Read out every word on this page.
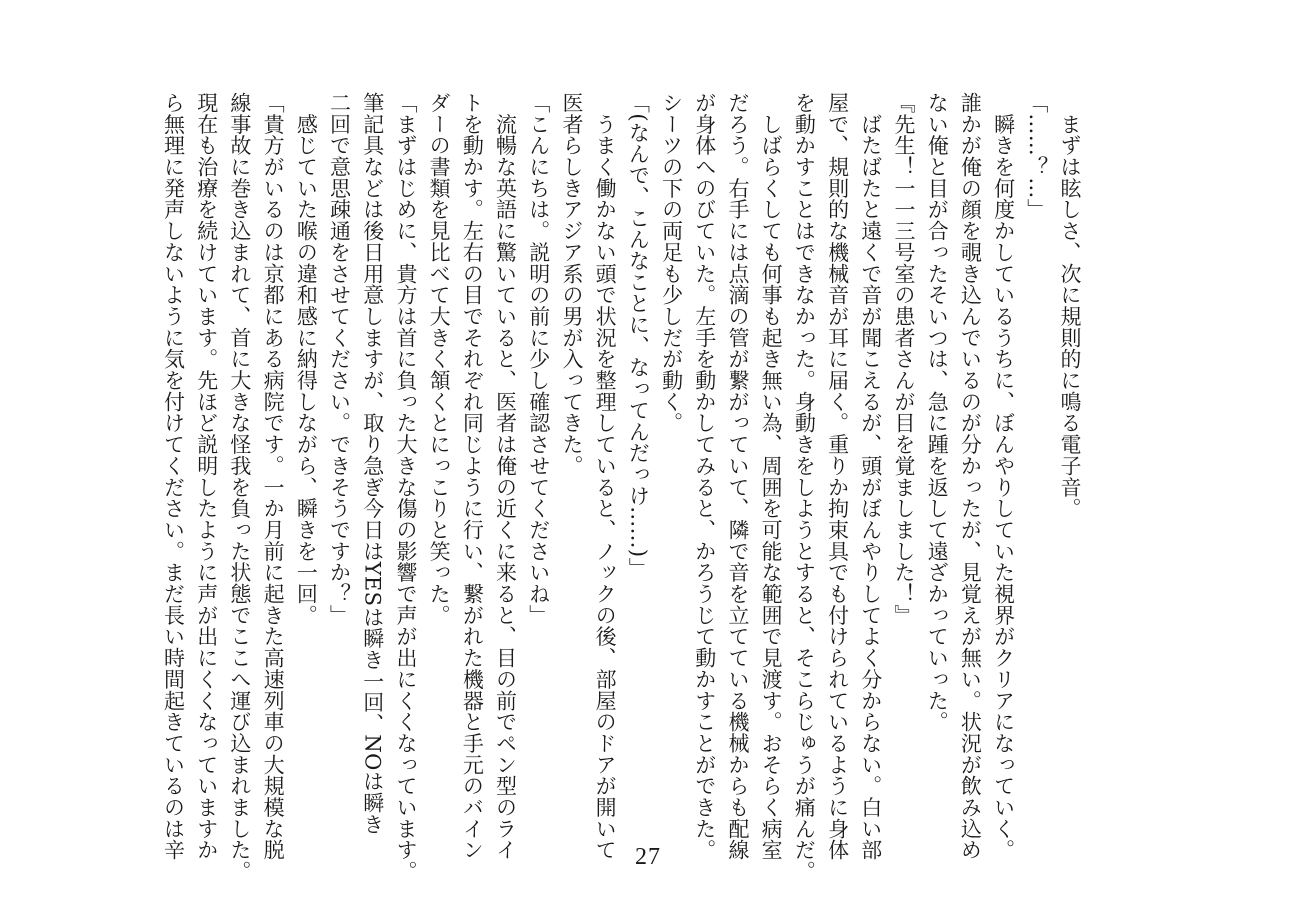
　まずは眩しさ、次に規則的に鳴る電子音。
「……？…」
　瞬きを何度かしているうちに、ぼんやりしていた視界がクリアになっていく。
誰かが俺の顔を覗き込んでいるのが分かったが、見覚えが無い。状況が飲み込め
ない俺と目が合ったそいつは、急に踵を返して遠ざかっていった。
『先生！一一三号室の患者さんが目を覚ましました！』
　ばたばたと遠くで音が聞こえるが、頭がぼんやりしてよく分からない。白い部
屋で、規則的な機械音が耳に届く。重りか拘束具でも付けられているように身体
を動かすことはできなかった。身動きをしようとすると、そこらじゅうが痛んだ。
　しばらくしても何事も起き無い為、周囲を可能な範囲で見渡す。おそらく病室
だろう。右手には点滴の管が繋がっていて、隣で音を立てている機械からも配線
が身体へのびていた。左手を動かしてみると、かろうじて動かすことができた。
シーツの下の両足も少しだが動く。
「(なんで、こんなことに、なってんだっけ……)」
　うまく働かない頭で状況を整理していると、ノックの後、部屋のドアが開いて
医者らしきアジア系の男が入ってきた。
「こんにちは。説明の前に少し確認させてくださいね」
　流暢な英語に驚いていると、医者は俺の近くに来ると、目の前でペン型のライ
トを動かす。左右の目でそれぞれ同じように行い、繋がれた機器と手元のバイン
ダーの書類を見比べて大きく頷くとにっこりと笑った。
「まずはじめに、貴方は首に負った大きな傷の影響で声が出にくくなっています。
筆記具などは後日用意しますが、取り急ぎ今日はYESは瞬き一回、NOは瞬き
二回で意思疎通をさせてください。できそうですか？」
　感じていた喉の違和感に納得しながら、瞬きを一回。
「貴方がいるのは京都にある病院です。一か月前に起きた高速列車の大規模な脱
線事故に巻き込まれて、首に大きな怪我を負った状態でここへ運び込まれました。
現在も治療を続けています。先ほど説明したように声が出にくくなっていますか
ら無理に発声しないように気を付けてください。まだ長い時間起きているのは辛	27
